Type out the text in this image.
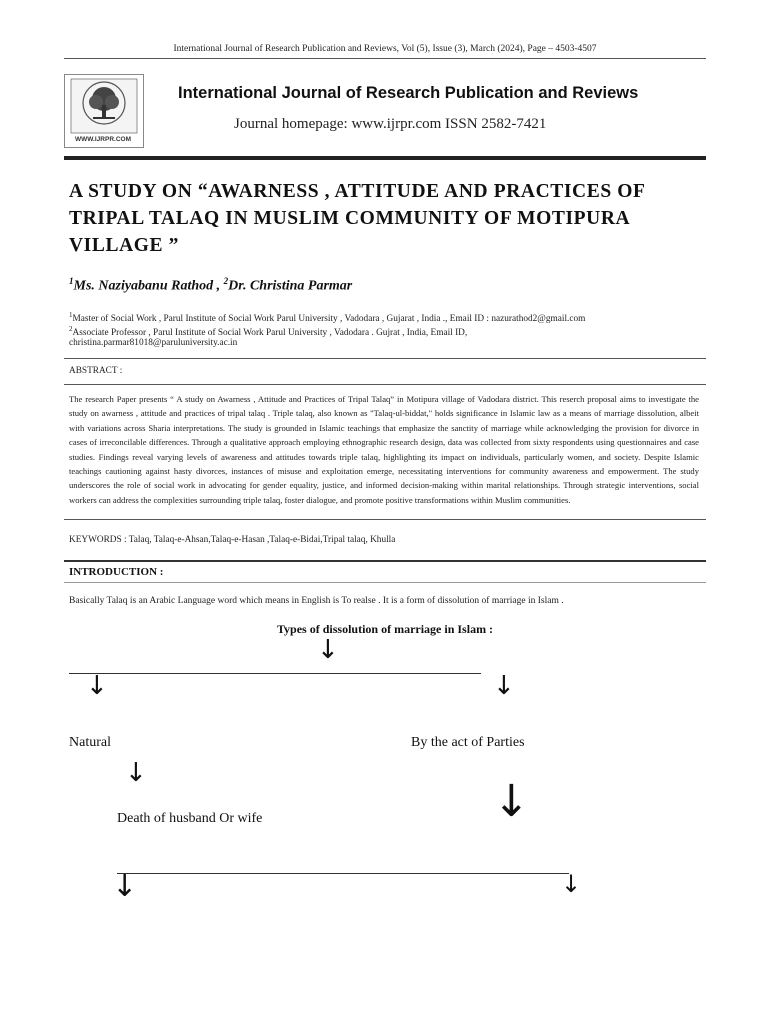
International Journal of Research Publication and Reviews, Vol (5), Issue (3), March (2024), Page – 4503-4507
WWW.IJRPR.COM
International Journal of Research Publication and Reviews
Journal homepage: www.ijrpr.com ISSN 2582-7421
A STUDY ON “AWARNESS , ATTITUDE AND PRACTICES OF
TRIPAL TALAQ IN MUSLIM COMMUNITY OF MOTIPURA
VILLAGE ”
$^1$Ms. Naziyabanu Rathod , $^2$Dr. Christina Parmar
$^1$Master of Social Work , Parul Institute of Social Work Parul University , Vadodara , Gujarat , India ., Email ID : nazurathod2@gmail.com
$^2$Associate Professor , Parul Institute of Social Work Parul University , Vadodara . Gujrat , India, Email ID,
christina.parmar81018@paruluniversity.ac.in
ABSTRACT :
The research Paper presents “ A study on Awarness , Attitude and Practices of Tripal Talaq” in Motipura village of Vadodara district. This reserch proposal aims to investigate the study on awarness , attitude and practices of tripal talaq . Triple talaq, also known as "Talaq-ul-biddat," holds significance in Islamic law as a means of marriage dissolution, albeit with variations across Sharia interpretations. The study is grounded in Islamic teachings that emphasize the sanctity of marriage while acknowledging the provision for divorce in cases of irreconcilable differences. Through a qualitative approach employing ethnographic research design, data was collected from sixty respondents using questionnaires and case studies. Findings reveal varying levels of awareness and attitudes towards triple talaq, highlighting its impact on individuals, particularly women, and society. Despite Islamic teachings cautioning against hasty divorces, instances of misuse and exploitation emerge, necessitating interventions for community awareness and empowerment. The study underscores the role of social work in advocating for gender equality, justice, and informed decision-making within marital relationships. Through strategic interventions, social workers can address the complexities surrounding triple talaq, foster dialogue, and promote positive transformations within Muslim communities.
KEYWORDS : Talaq, Talaq-e-Ahsan,Talaq-e-Hasan ,Talaq-e-Bidai,Tripal talaq, Khulla
INTRODUCTION :
Basically Talaq is an Arabic Language word which means in English is To realse . It is a form of dissolution of marriage in Islam .
Types of dissolution of marriage in Islam :
↓
↓	↓
Natural	By the act of Parties
↓
↓
Death of husband Or wife
↓	↓
